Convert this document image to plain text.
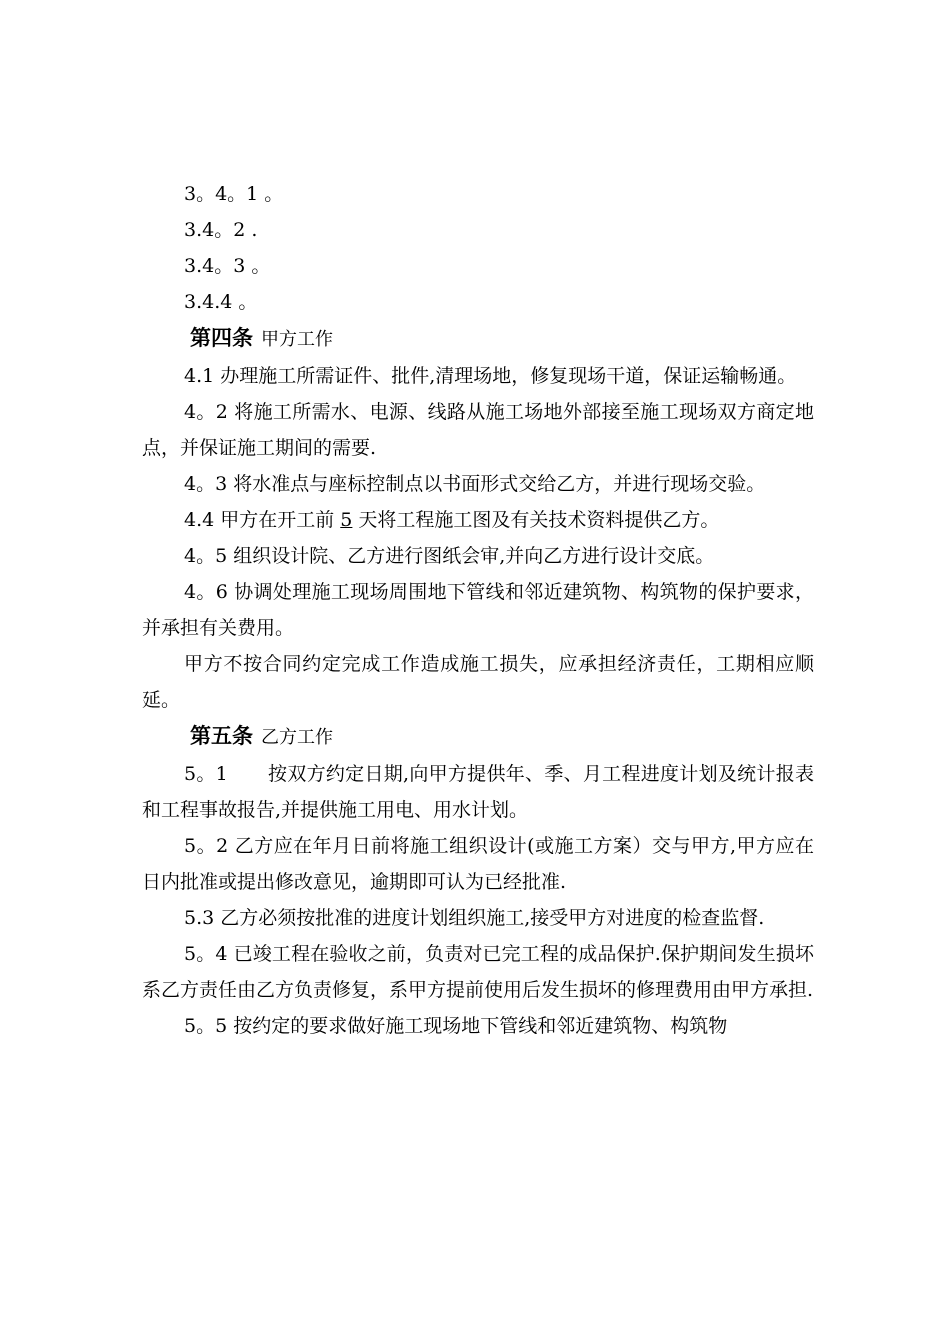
3。4。1 。
3.4。2 .
3.4。3 。
3.4.4 。
第四条 甲方工作
4.1 办理施工所需证件、批件,清理场地，修复现场干道，保证运输畅通。
4。2 将施工所需水、电源、线路从施工场地外部接至施工现场双方商定地点，并保证施工期间的需要.
4。3 将水准点与座标控制点以书面形式交给乙方，并进行现场交验。
4.4 甲方在开工前 5 天将工程施工图及有关技术资料提供乙方。
4。5 组织设计院、乙方进行图纸会审,并向乙方进行设计交底。
4。6 协调处理施工现场周围地下管线和邻近建筑物、构筑物的保护要求，并承担有关费用。
甲方不按合同约定完成工作造成施工损失，应承担经济责任，工期相应顺延。
第五条 乙方工作
5。1 按双方约定日期,向甲方提供年、季、月工程进度计划及统计报表和工程事故报告,并提供施工用电、用水计划。
5。2 乙方应在年月日前将施工组织设计(或施工方案）交与甲方,甲方应在日内批准或提出修改意见，逾期即可认为已经批准.
5.3 乙方必须按批准的进度计划组织施工,接受甲方对进度的检查监督.
5。4 已竣工程在验收之前，负责对已完工程的成品保护.保护期间发生损坏系乙方责任由乙方负责修复，系甲方提前使用后发生损坏的修理费用由甲方承担.
5。5 按约定的要求做好施工现场地下管线和邻近建筑物、构筑物
